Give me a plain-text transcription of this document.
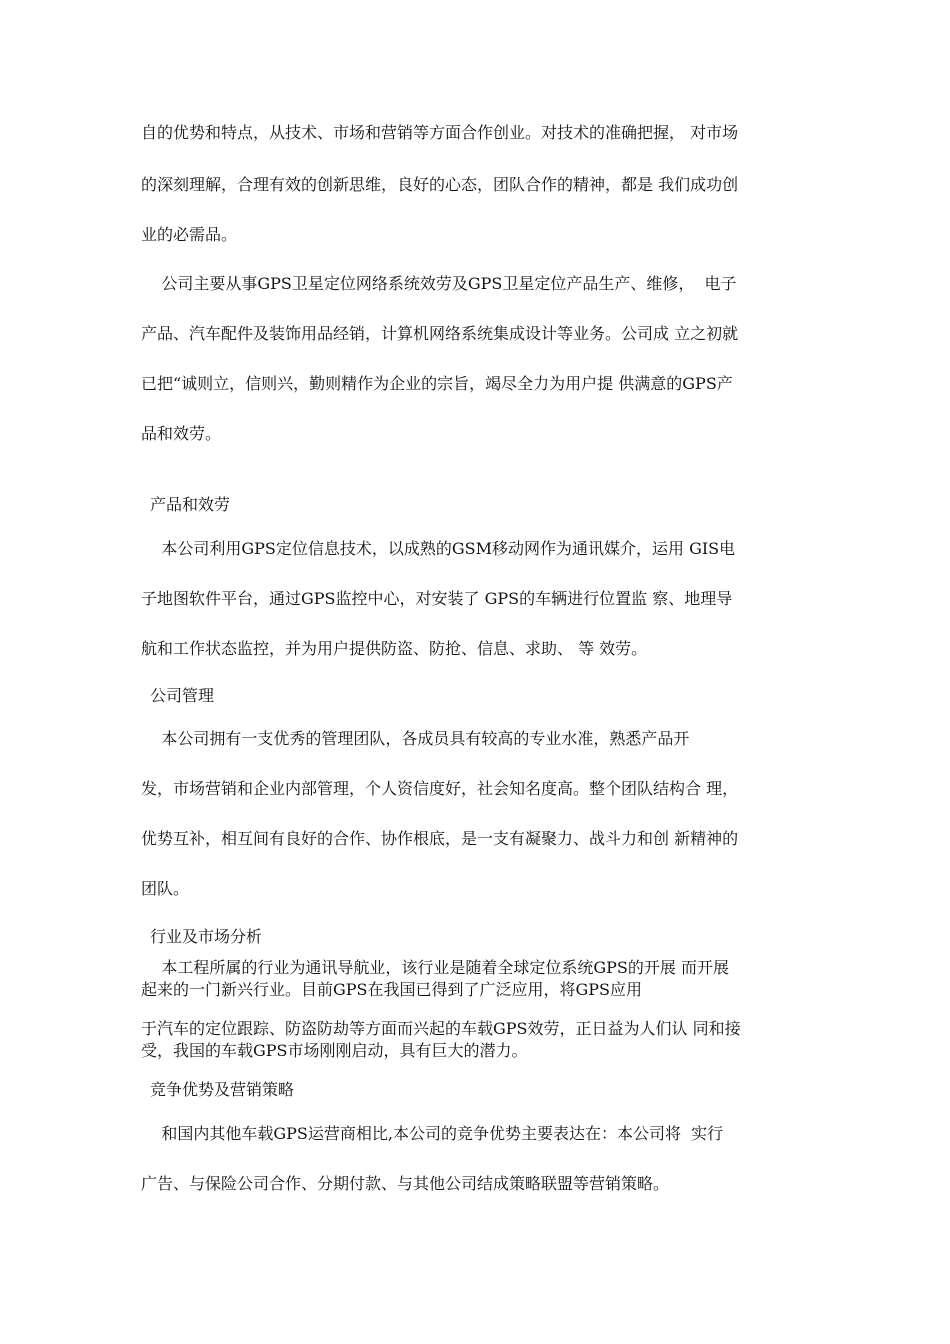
自的优势和特点，从技术、市场和营销等方面合作创业。对技术的准确把握， 对市场
的深刻理解，合理有效的创新思维，良好的心态，团队合作的精神，都是 我们成功创
业的必需品。
公司主要从事GPS卫星定位网络系统效劳及GPS卫星定位产品生产、维修，  电子
产品、汽车配件及装饰用品经销，计算机网络系统集成设计等业务。公司成 立之初就
已把“诚则立，信则兴，勤则精作为企业的宗旨，竭尽全力为用户提 供满意的GPS产
品和效劳。
产品和效劳
本公司利用GPS定位信息技术，以成熟的GSM移动网作为通讯媒介，运用 GIS电
子地图软件平台，通过GPS监控中心，对安装了 GPS的车辆进行位置监 察、地理导
航和工作状态监控，并为用户提供防盗、防抢、信息、求助、 等 效劳。
公司管理
本公司拥有一支优秀的管理团队，各成员具有较高的专业水准，熟悉产品开
发，市场营销和企业内部管理，个人资信度好，社会知名度高。整个团队结构合 理，
优势互补，相互间有良好的合作、协作根底，是一支有凝聚力、战斗力和创 新精神的
团队。
行业及市场分析
本工程所属的行业为通讯导航业，该行业是随着全球定位系统GPS的开展 而开展
起来的一门新兴行业。目前GPS在我国已得到了广泛应用，将GPS应用
于汽车的定位跟踪、防盗防劫等方面而兴起的车载GPS效劳，正日益为人们认 同和接
受，我国的车载GPS市场刚刚启动，具有巨大的潜力。
竞争优势及营销策略
和国内其他车载GPS运营商相比,本公司的竞争优势主要表达在：本公司将  实行
广告、与保险公司合作、分期付款、与其他公司结成策略联盟等营销策略。
